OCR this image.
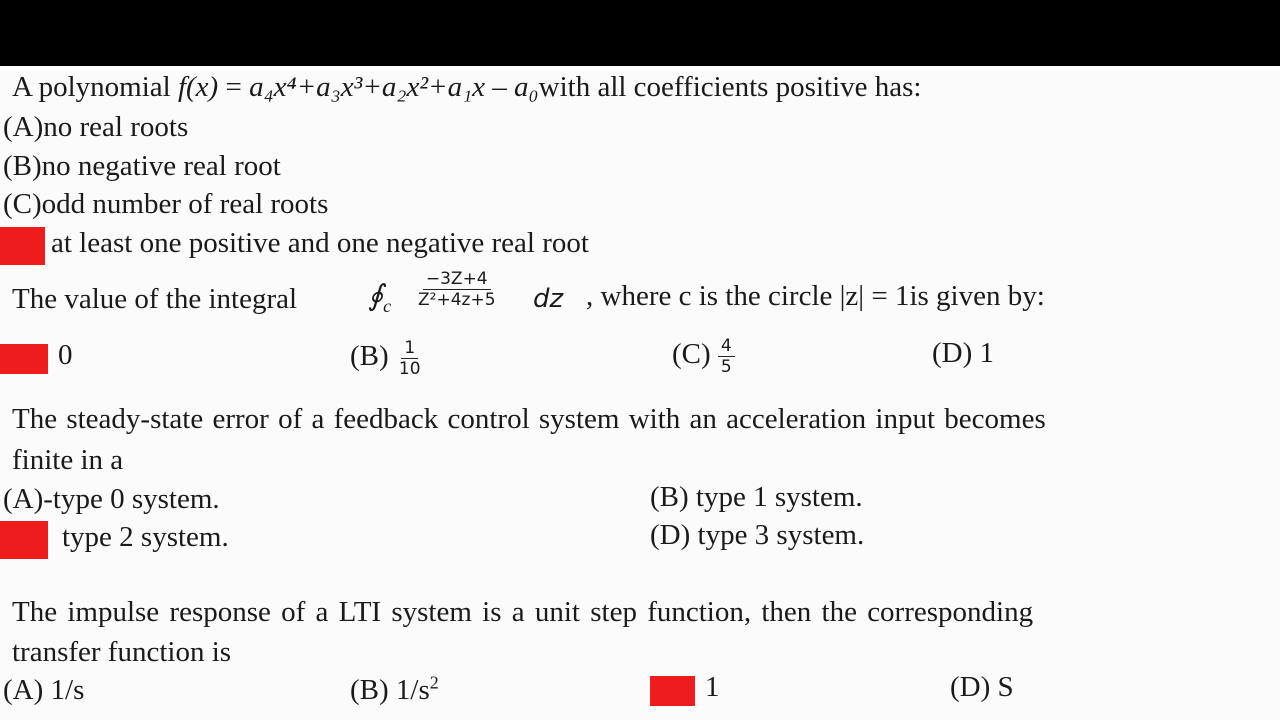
A polynomial f(x) = a₄x⁴+a₃x³+a₂x²+a₁x – a₀with all coefficients positive has:
(A)no real roots
(B)no negative real root
(C)odd number of real roots
at least one positive and one negative real root
The value of the integral $∮_c \frac{-3Z+4}{\text{Z²+4z+5}}$ dz , where c is the circle |z| = 1is given by:
0	$(B) \frac{1}{10}$	$(C) \frac{4}{5}$	(D) 1
The steady-state error of a feedback control system with an acceleration input becomes
finite in a
(A)-type 0 system.	(B) type 1 system.
type 2 system.	(D) type 3 system.
The impulse response of a LTI system is a unit step function, then the corresponding
transfer function is
(A) 1/s	(B) $1/s^2$	1	(D) S
